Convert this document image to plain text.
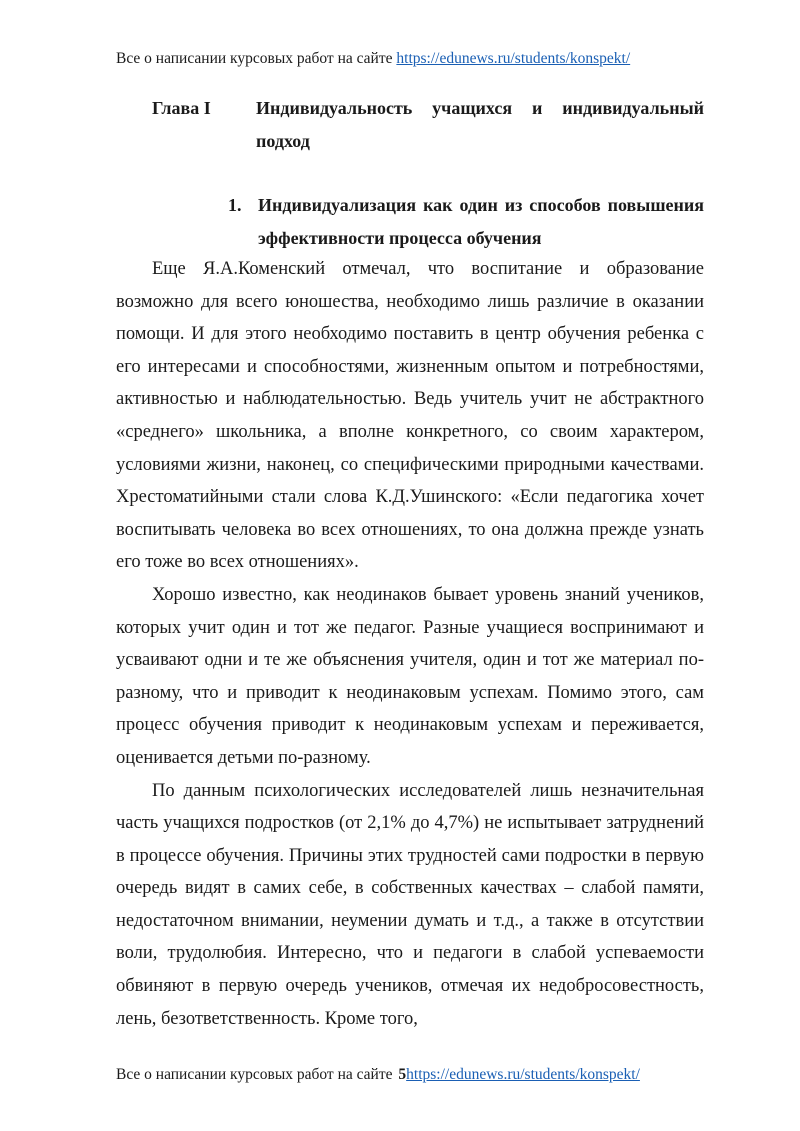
Все о написании курсовых работ на сайте https://edunews.ru/students/konspekt/
Глава I	Индивидуальность учащихся и индивидуальный подход
1. Индивидуализация как один из способов повышения эффективности процесса обучения

Еще Я.А.Коменский отмечал, что воспитание и образование возможно для всего юношества, необходимо лишь различие в оказании помощи. И для этого необходимо поставить в центр обучения ребенка с его интересами и способностями, жизненным опытом и потребностями, активностью и наблюдательностью. Ведь учитель учит не абстрактного «среднего» школьника, а вполне конкретного, со своим характером, условиями жизни, наконец, со специфическими природными качествами. Хрестоматийными стали слова К.Д.Ушинского: «Если педагогика хочет воспитывать человека во всех отношениях, то она должна прежде узнать его тоже во всех отношениях».

Хорошо известно, как неодинаков бывает уровень знаний учеников, которых учит один и тот же педагог. Разные учащиеся воспринимают и усваивают одни и те же объяснения учителя, один и тот же материал по-разному, что и приводит к неодинаковым успехам. Помимо этого, сам процесс обучения приводит к неодинаковым успехам и переживается, оценивается детьми по-разному.

По данным психологических исследователей лишь незначительная часть учащихся подростков (от 2,1% до 4,7%) не испытывает затруднений в процессе обучения. Причины этих трудностей сами подростки в первую очередь видят в самих себе, в собственных качествах – слабой памяти, недостаточном внимании, неумении думать и т.д., а также в отсутствии воли, трудолюбия. Интересно, что и педагоги в слабой успеваемости обвиняют в первую очередь учеников, отмечая их недобросовестность, лень, безответственность. Кроме того,

Все о написании курсовых работ на сайте 5https://edunews.ru/students/konspekt/
